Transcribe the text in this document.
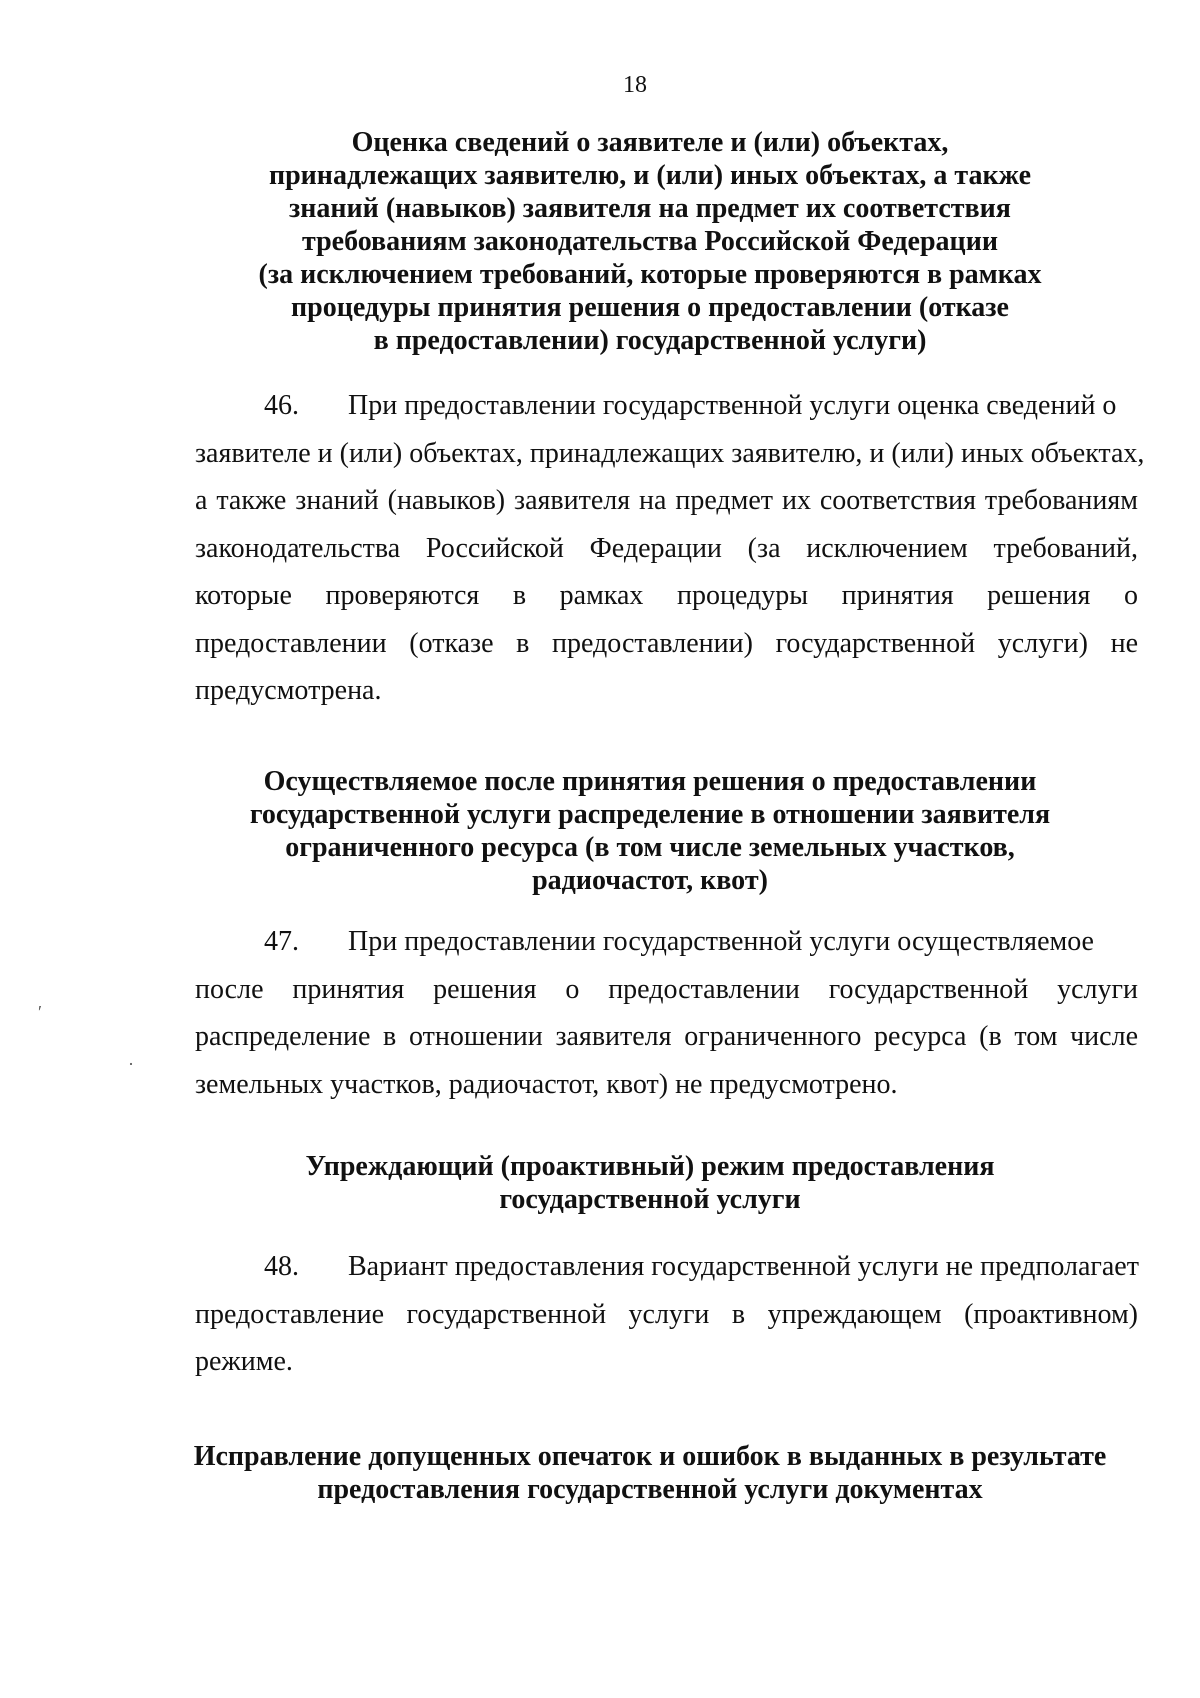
18
Оценка сведений о заявителе и (или) объектах,
принадлежащих заявителю, и (или) иных объектах, а также
знаний (навыков) заявителя на предмет их соответствия
требованиям законодательства Российской Федерации
(за исключением требований, которые проверяются в рамках
процедуры принятия решения о предоставлении (отказе
в предоставлении) государственной услуги)
46. При предоставлении государственной услуги оценка сведений о
заявителе и (или) объектах, принадлежащих заявителю, и (или) иных объектах,
а также знаний (навыков) заявителя на предмет их соответствия требованиям
законодательства Российской Федерации (за исключением требований,
которые проверяются в рамках процедуры принятия решения о
предоставлении (отказе в предоставлении) государственной услуги) не
предусмотрена.
Осуществляемое после принятия решения о предоставлении
государственной услуги распределение в отношении заявителя
ограниченного ресурса (в том числе земельных участков,
радиочастот, квот)
47. При предоставлении государственной услуги осуществляемое
после принятия решения о предоставлении государственной услуги
распределение в отношении заявителя ограниченного ресурса (в том числе
земельных участков, радиочастот, квот) не предусмотрено.
Упреждающий (проактивный) режим предоставления
государственной услуги
48. Вариант предоставления государственной услуги не предполагает
предоставление государственной услуги в упреждающем (проактивном)
режиме.
Исправление допущенных опечаток и ошибок в выданных в результате
предоставления государственной услуги документах
′
·
